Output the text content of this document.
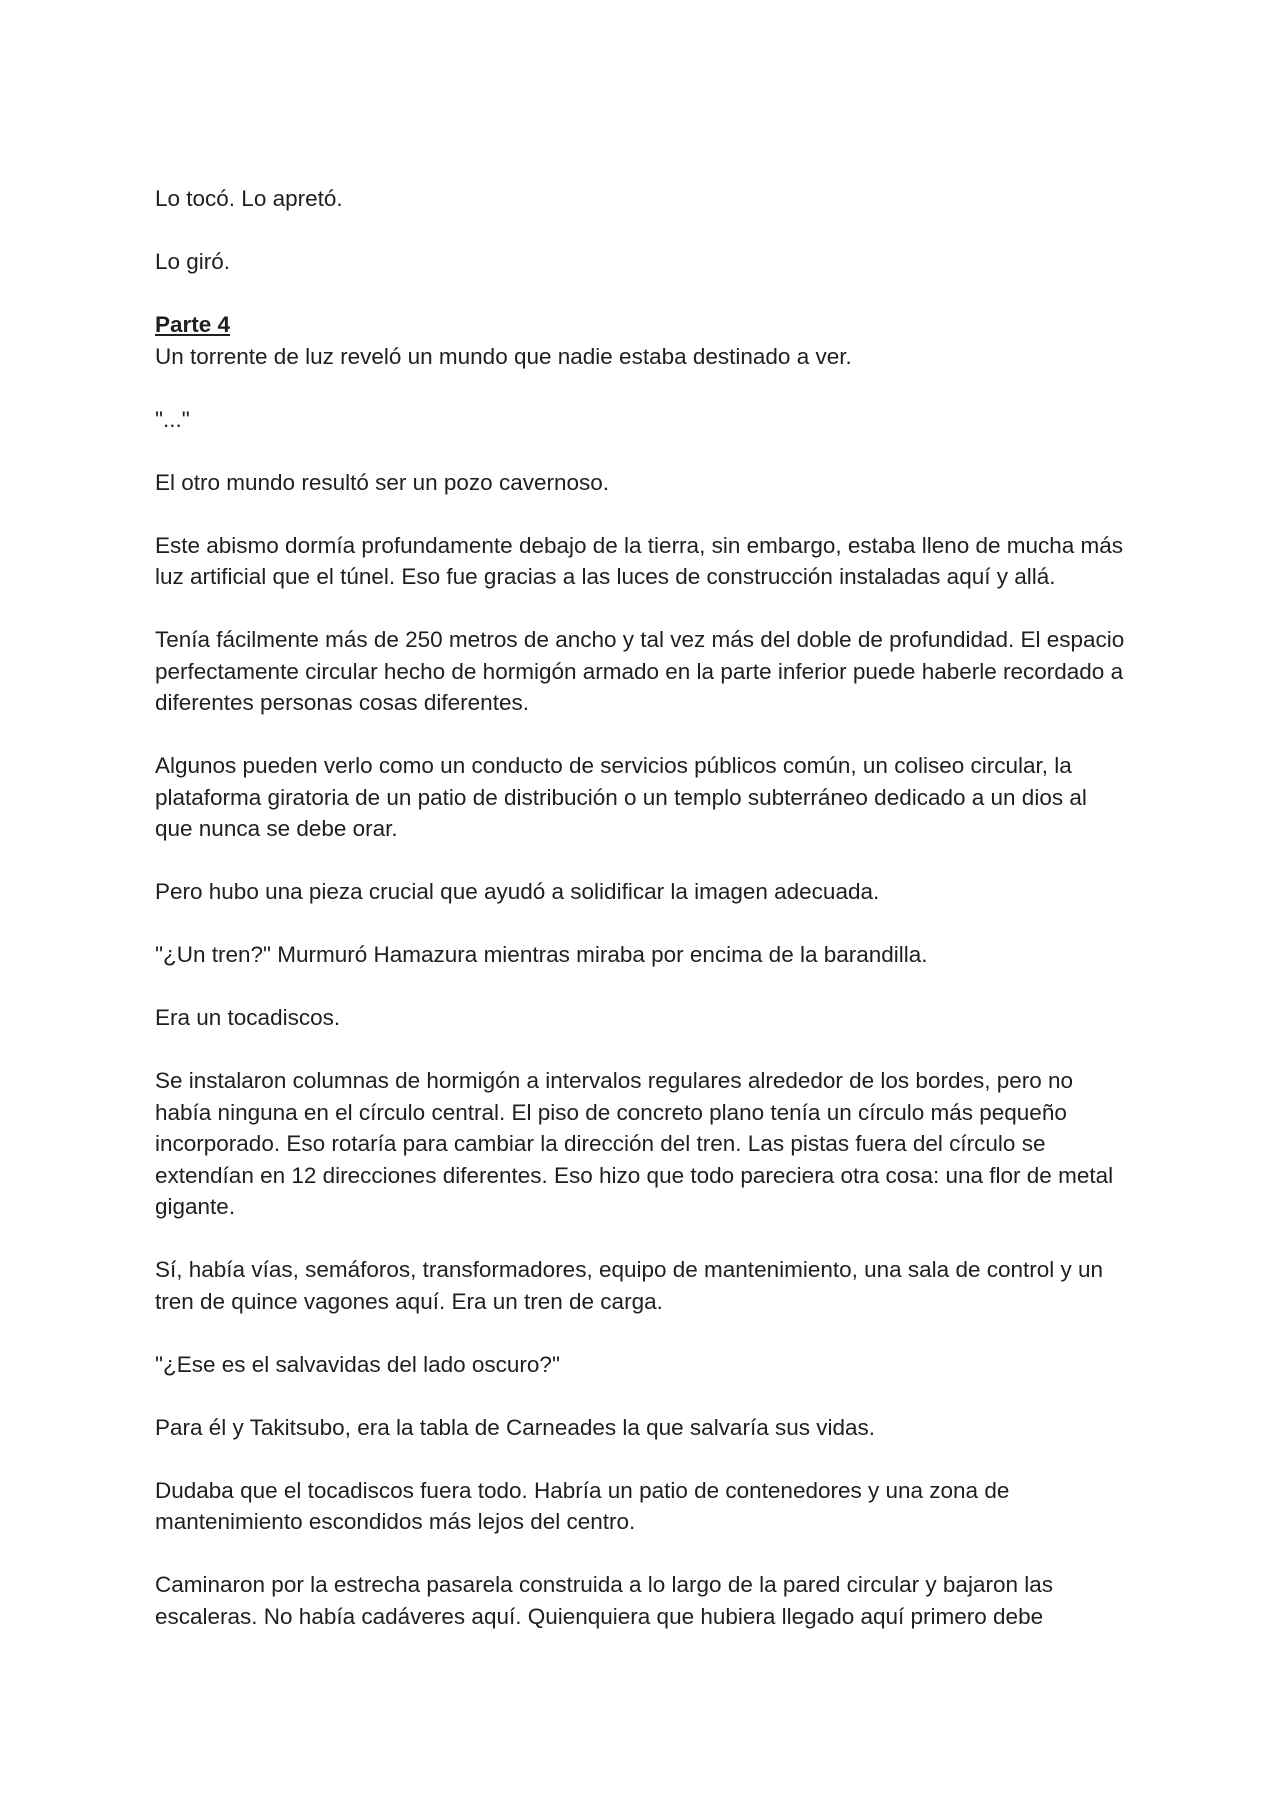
Lo tocó. Lo apretó.

Lo giró.

Parte 4

Un torrente de luz reveló un mundo que nadie estaba destinado a ver.

"..."

El otro mundo resultó ser un pozo cavernoso.

Este abismo dormía profundamente debajo de la tierra, sin embargo, estaba lleno de mucha más luz artificial que el túnel. Eso fue gracias a las luces de construcción instaladas aquí y allá.

Tenía fácilmente más de 250 metros de ancho y tal vez más del doble de profundidad. El espacio perfectamente circular hecho de hormigón armado en la parte inferior puede haberle recordado a diferentes personas cosas diferentes.

Algunos pueden verlo como un conducto de servicios públicos común, un coliseo circular, la plataforma giratoria de un patio de distribución o un templo subterráneo dedicado a un dios al que nunca se debe orar.

Pero hubo una pieza crucial que ayudó a solidificar la imagen adecuada.

"¿Un tren?" Murmuró Hamazura mientras miraba por encima de la barandilla.

Era un tocadiscos.

Se instalaron columnas de hormigón a intervalos regulares alrededor de los bordes, pero no había ninguna en el círculo central. El piso de concreto plano tenía un círculo más pequeño incorporado. Eso rotaría para cambiar la dirección del tren. Las pistas fuera del círculo se extendían en 12 direcciones diferentes. Eso hizo que todo pareciera otra cosa: una flor de metal gigante.

Sí, había vías, semáforos, transformadores, equipo de mantenimiento, una sala de control y un tren de quince vagones aquí. Era un tren de carga.

"¿Ese es el salvavidas del lado oscuro?"

Para él y Takitsubo, era la tabla de Carneades la que salvaría sus vidas.

Dudaba que el tocadiscos fuera todo. Habría un patio de contenedores y una zona de mantenimiento escondidos más lejos del centro.

Caminaron por la estrecha pasarela construida a lo largo de la pared circular y bajaron las escaleras. No había cadáveres aquí. Quienquiera que hubiera llegado aquí primero debe
